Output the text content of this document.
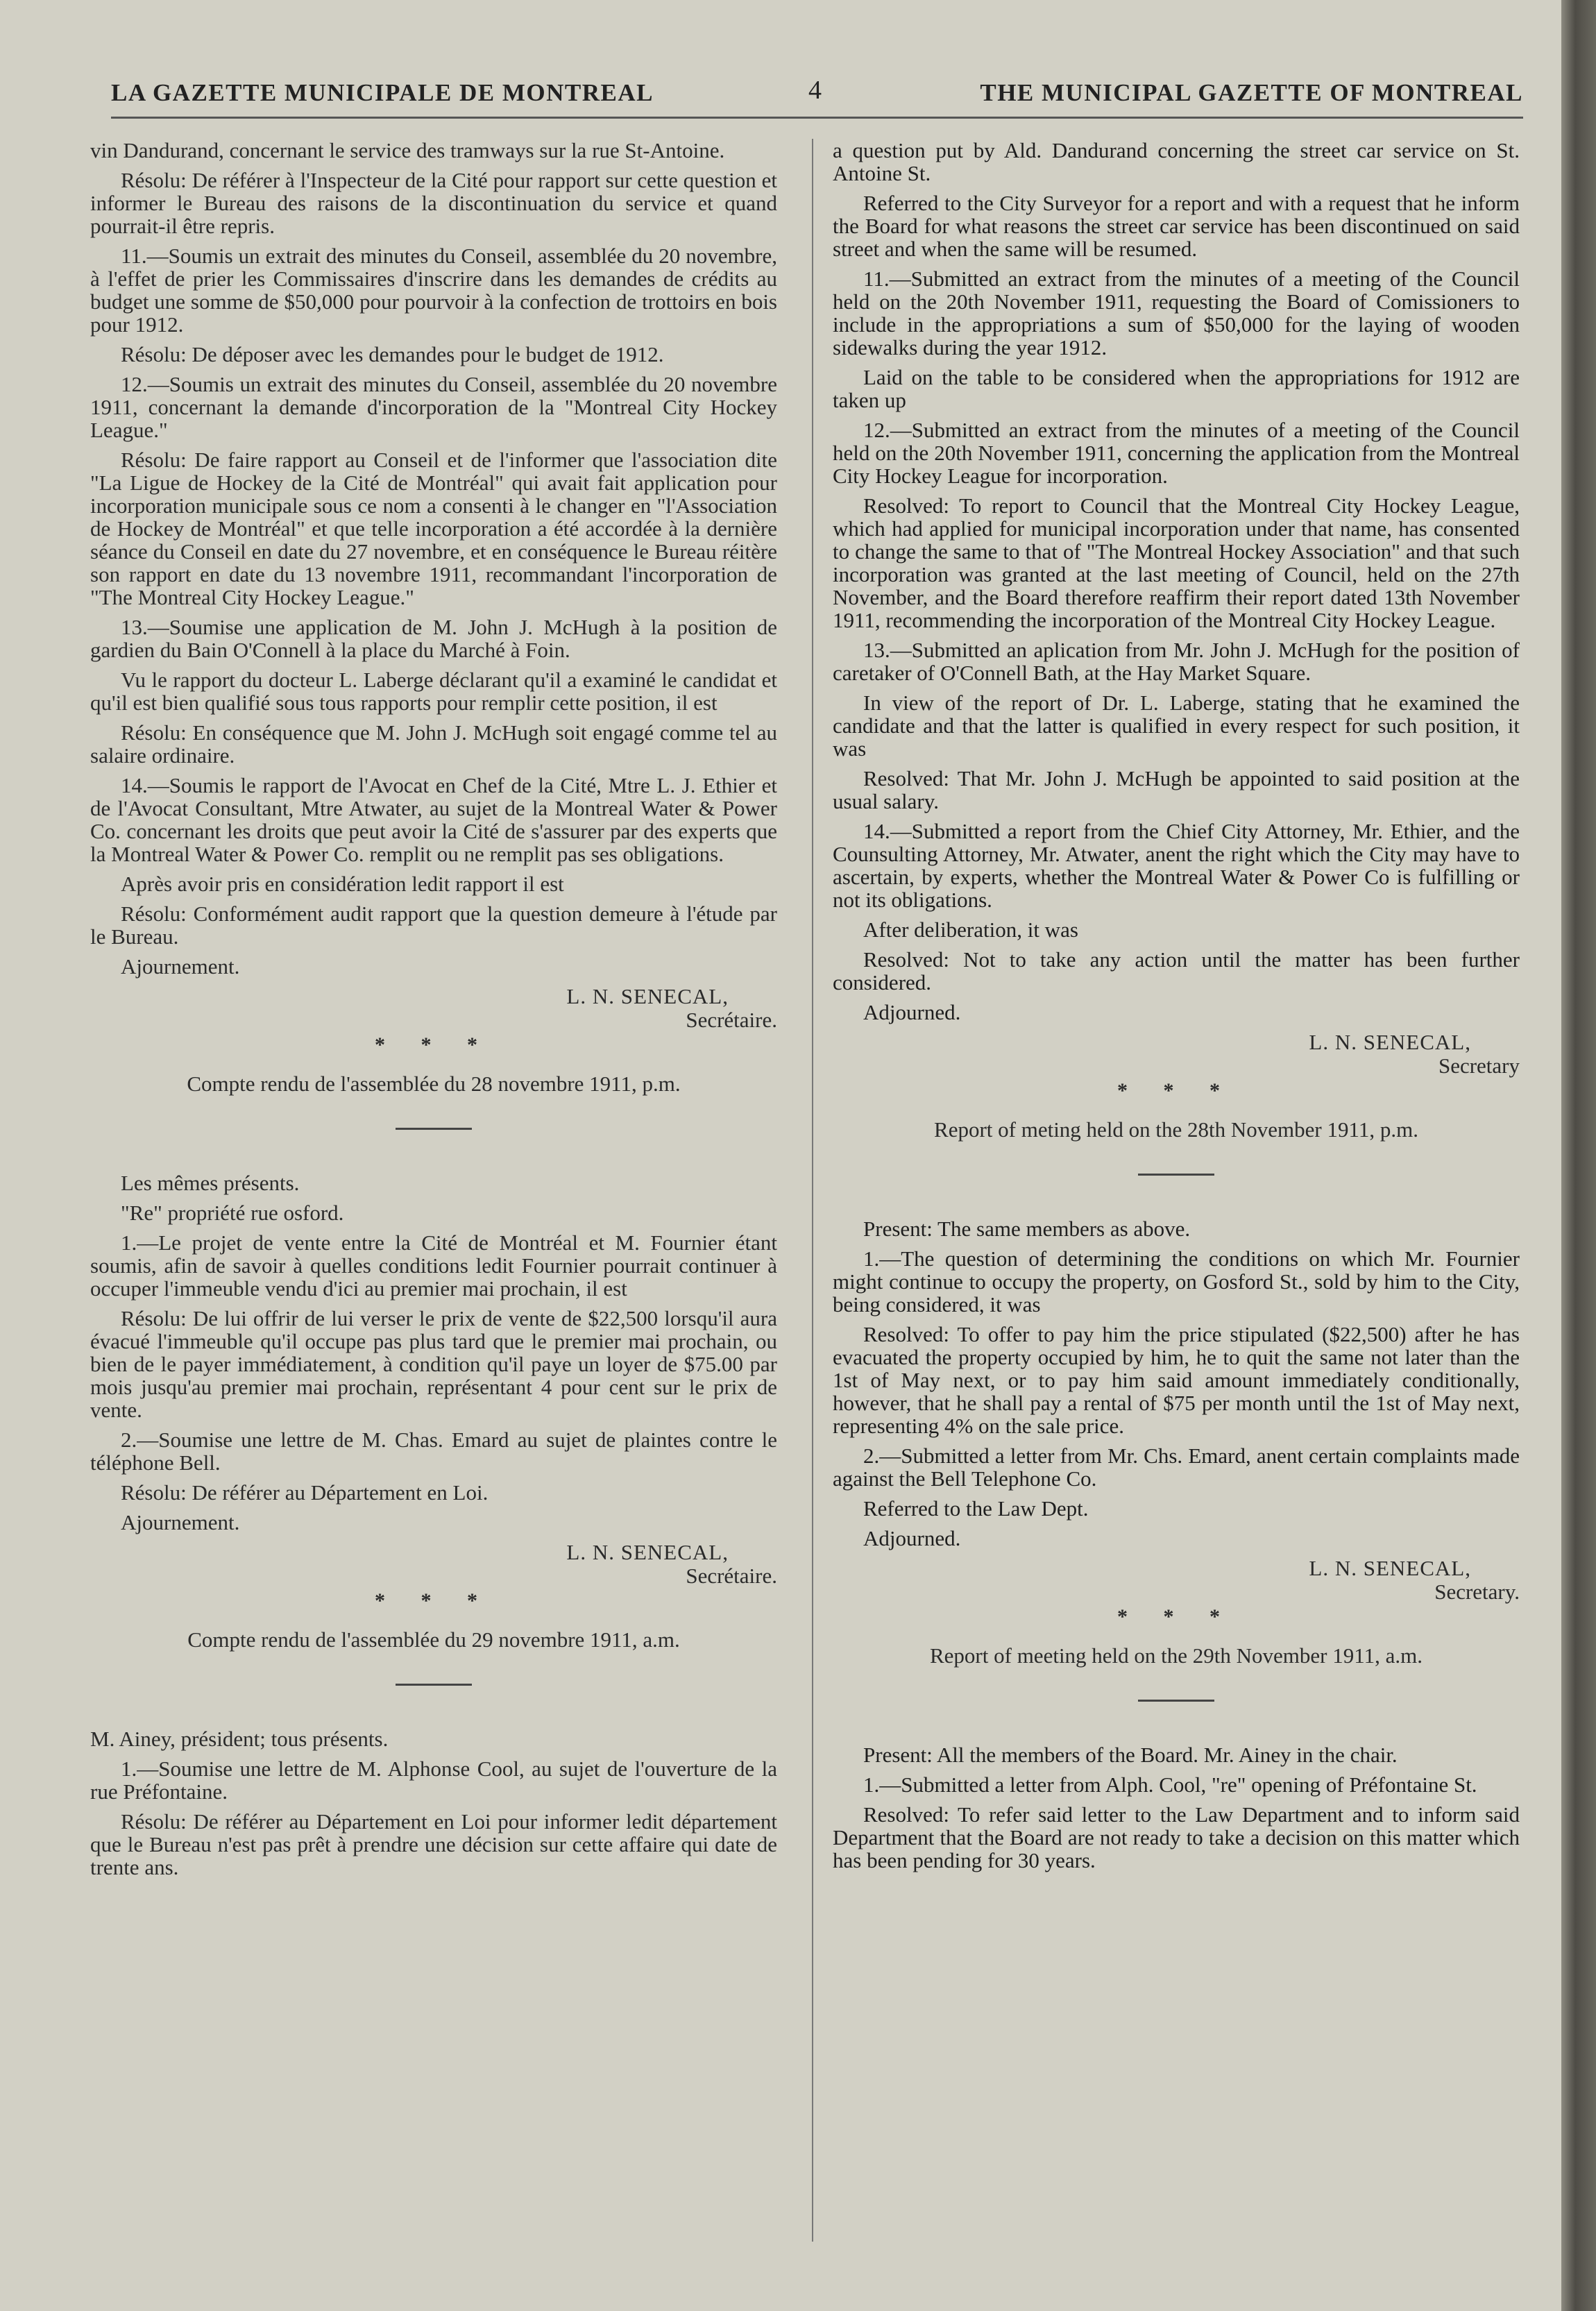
LA GAZETTE MUNICIPALE DE MONTREAL	4	THE MUNICIPAL GAZETTE OF MONTREAL

vin Dandurand, concernant le service des tramways sur la rue St-Antoine.

Résolu: De référer à l'Inspecteur de la Cité pour rapport sur cette question et informer le Bureau des raisons de la discontinuation du service et quand pourrait-il être repris.

11.—Soumis un extrait des minutes du Conseil, assemblée du 20 novembre, à l'effet de prier les Commissaires d'inscrire dans les demandes de crédits au budget une somme de $50,000 pour pourvoir à la confection de trottoirs en bois pour 1912.

Résolu: De déposer avec les demandes pour le budget de 1912.

12.—Soumis un extrait des minutes du Conseil, assemblée du 20 novembre 1911, concernant la demande d'incorporation de la "Montreal City Hockey League."

Résolu: De faire rapport au Conseil et de l'informer que l'association dite "La Ligue de Hockey de la Cité de Montréal" qui avait fait application pour incorporation municipale sous ce nom a consenti à le changer en "l'Association de Hockey de Montréal" et que telle incorporation a été accordée à la dernière séance du Conseil en date du 27 novembre, et en conséquence le Bureau réitère son rapport en date du 13 novembre 1911, recommandant l'incorporation de "The Montreal City Hockey League."

13.—Soumise une application de M. John J. McHugh à la position de gardien du Bain O'Connell à la place du Marché à Foin.

Vu le rapport du docteur L. Laberge déclarant qu'il a examiné le candidat et qu'il est bien qualifié sous tous rapports pour remplir cette position, il est

Résolu: En conséquence que M. John J. McHugh soit engagé comme tel au salaire ordinaire.

14.—Soumis le rapport de l'Avocat en Chef de la Cité, Mtre L. J. Ethier et de l'Avocat Consultant, Mtre Atwater, au sujet de la Montreal Water & Power Co. concernant les droits que peut avoir la Cité de s'assurer par des experts que la Montreal Water & Power Co. remplit ou ne remplit pas ses obligations.

Après avoir pris en considération ledit rapport il est

Résolu: Conformément audit rapport que la question demeure à l'étude par le Bureau.

Ajournement.

L. N. SENECAL,

Secrétaire.

* * *

Compte rendu de l'assemblée du 28 novembre 1911, p.m.

Les mêmes présents.

"Re" propriété rue osford.

1.—Le projet de vente entre la Cité de Montréal et M. Fournier étant soumis, afin de savoir à quelles conditions ledit Fournier pourrait continuer à occuper l'immeuble vendu d'ici au premier mai prochain, il est

Résolu: De lui offrir de lui verser le prix de vente de $22,500 lorsqu'il aura évacué l'immeuble qu'il occupe pas plus tard que le premier mai prochain, ou bien de le payer immédiatement, à condition qu'il paye un loyer de $75.00 par mois jusqu'au premier mai prochain, représentant 4 pour cent sur le prix de vente.

2.—Soumise une lettre de M. Chas. Emard au sujet de plaintes contre le téléphone Bell.

Résolu: De référer au Département en Loi.

Ajournement.

L. N. SENECAL,

Secrétaire.

* * *

Compte rendu de l'assemblée du 29 novembre 1911, a.m.

M. Ainey, président; tous présents.

1.—Soumise une lettre de M. Alphonse Cool, au sujet de l'ouverture de la rue Préfontaine.

Résolu: De référer au Département en Loi pour informer ledit département que le Bureau n'est pas prêt à prendre une décision sur cette affaire qui date de trente ans.

a question put by Ald. Dandurand concerning the street car service on St. Antoine St.

Referred to the City Surveyor for a report and with a request that he inform the Board for what reasons the street car service has been discontinued on said street and when the same will be resumed.

11.—Submitted an extract from the minutes of a meeting of the Council held on the 20th November 1911, requesting the Board of Comissioners to include in the appropriations a sum of $50,000 for the laying of wooden sidewalks during the year 1912.

Laid on the table to be considered when the appropriations for 1912 are taken up

12.—Submitted an extract from the minutes of a meeting of the Council held on the 20th November 1911, concerning the application from the Montreal City Hockey League for incorporation.

Resolved: To report to Council that the Montreal City Hockey League, which had applied for municipal incorporation under that name, has consented to change the same to that of "The Montreal Hockey Association" and that such incorporation was granted at the last meeting of Council, held on the 27th November, and the Board therefore reaffirm their report dated 13th November 1911, recommending the incorporation of the Montreal City Hockey League.

13.—Submitted an aplication from Mr. John J. McHugh for the position of caretaker of O'Connell Bath, at the Hay Market Square.

In view of the report of Dr. L. Laberge, stating that he examined the candidate and that the latter is qualified in every respect for such position, it was

Resolved: That Mr. John J. McHugh be appointed to said position at the usual salary.

14.—Submitted a report from the Chief City Attorney, Mr. Ethier, and the Counsulting Attorney, Mr. Atwater, anent the right which the City may have to ascertain, by experts, whether the Montreal Water & Power Co is fulfilling or not its obligations.

After deliberation, it was

Resolved: Not to take any action until the matter has been further considered.

Adjourned.

L. N. SENECAL,

Secretary

* * *

Report of meting held on the 28th November 1911, p.m.

Present: The same members as above.

1.—The question of determining the conditions on which Mr. Fournier might continue to occupy the property, on Gosford St., sold by him to the City, being considered, it was

Resolved: To offer to pay him the price stipulated ($22,500) after he has evacuated the property occupied by him, he to quit the same not later than the 1st of May next, or to pay him said amount immediately conditionally, however, that he shall pay a rental of $75 per month until the 1st of May next, representing 4% on the sale price.

2.—Submitted a letter from Mr. Chs. Emard, anent certain complaints made against the Bell Telephone Co.

Referred to the Law Dept.

Adjourned.

L. N. SENECAL,

Secretary.

* * *

Report of meeting held on the 29th November 1911, a.m.

Present: All the members of the Board. Mr. Ainey in the chair.

1.—Submitted a letter from Alph. Cool, "re" opening of Préfontaine St.

Resolved: To refer said letter to the Law Department and to inform said Department that the Board are not ready to take a decision on this matter which has been pending for 30 years.
